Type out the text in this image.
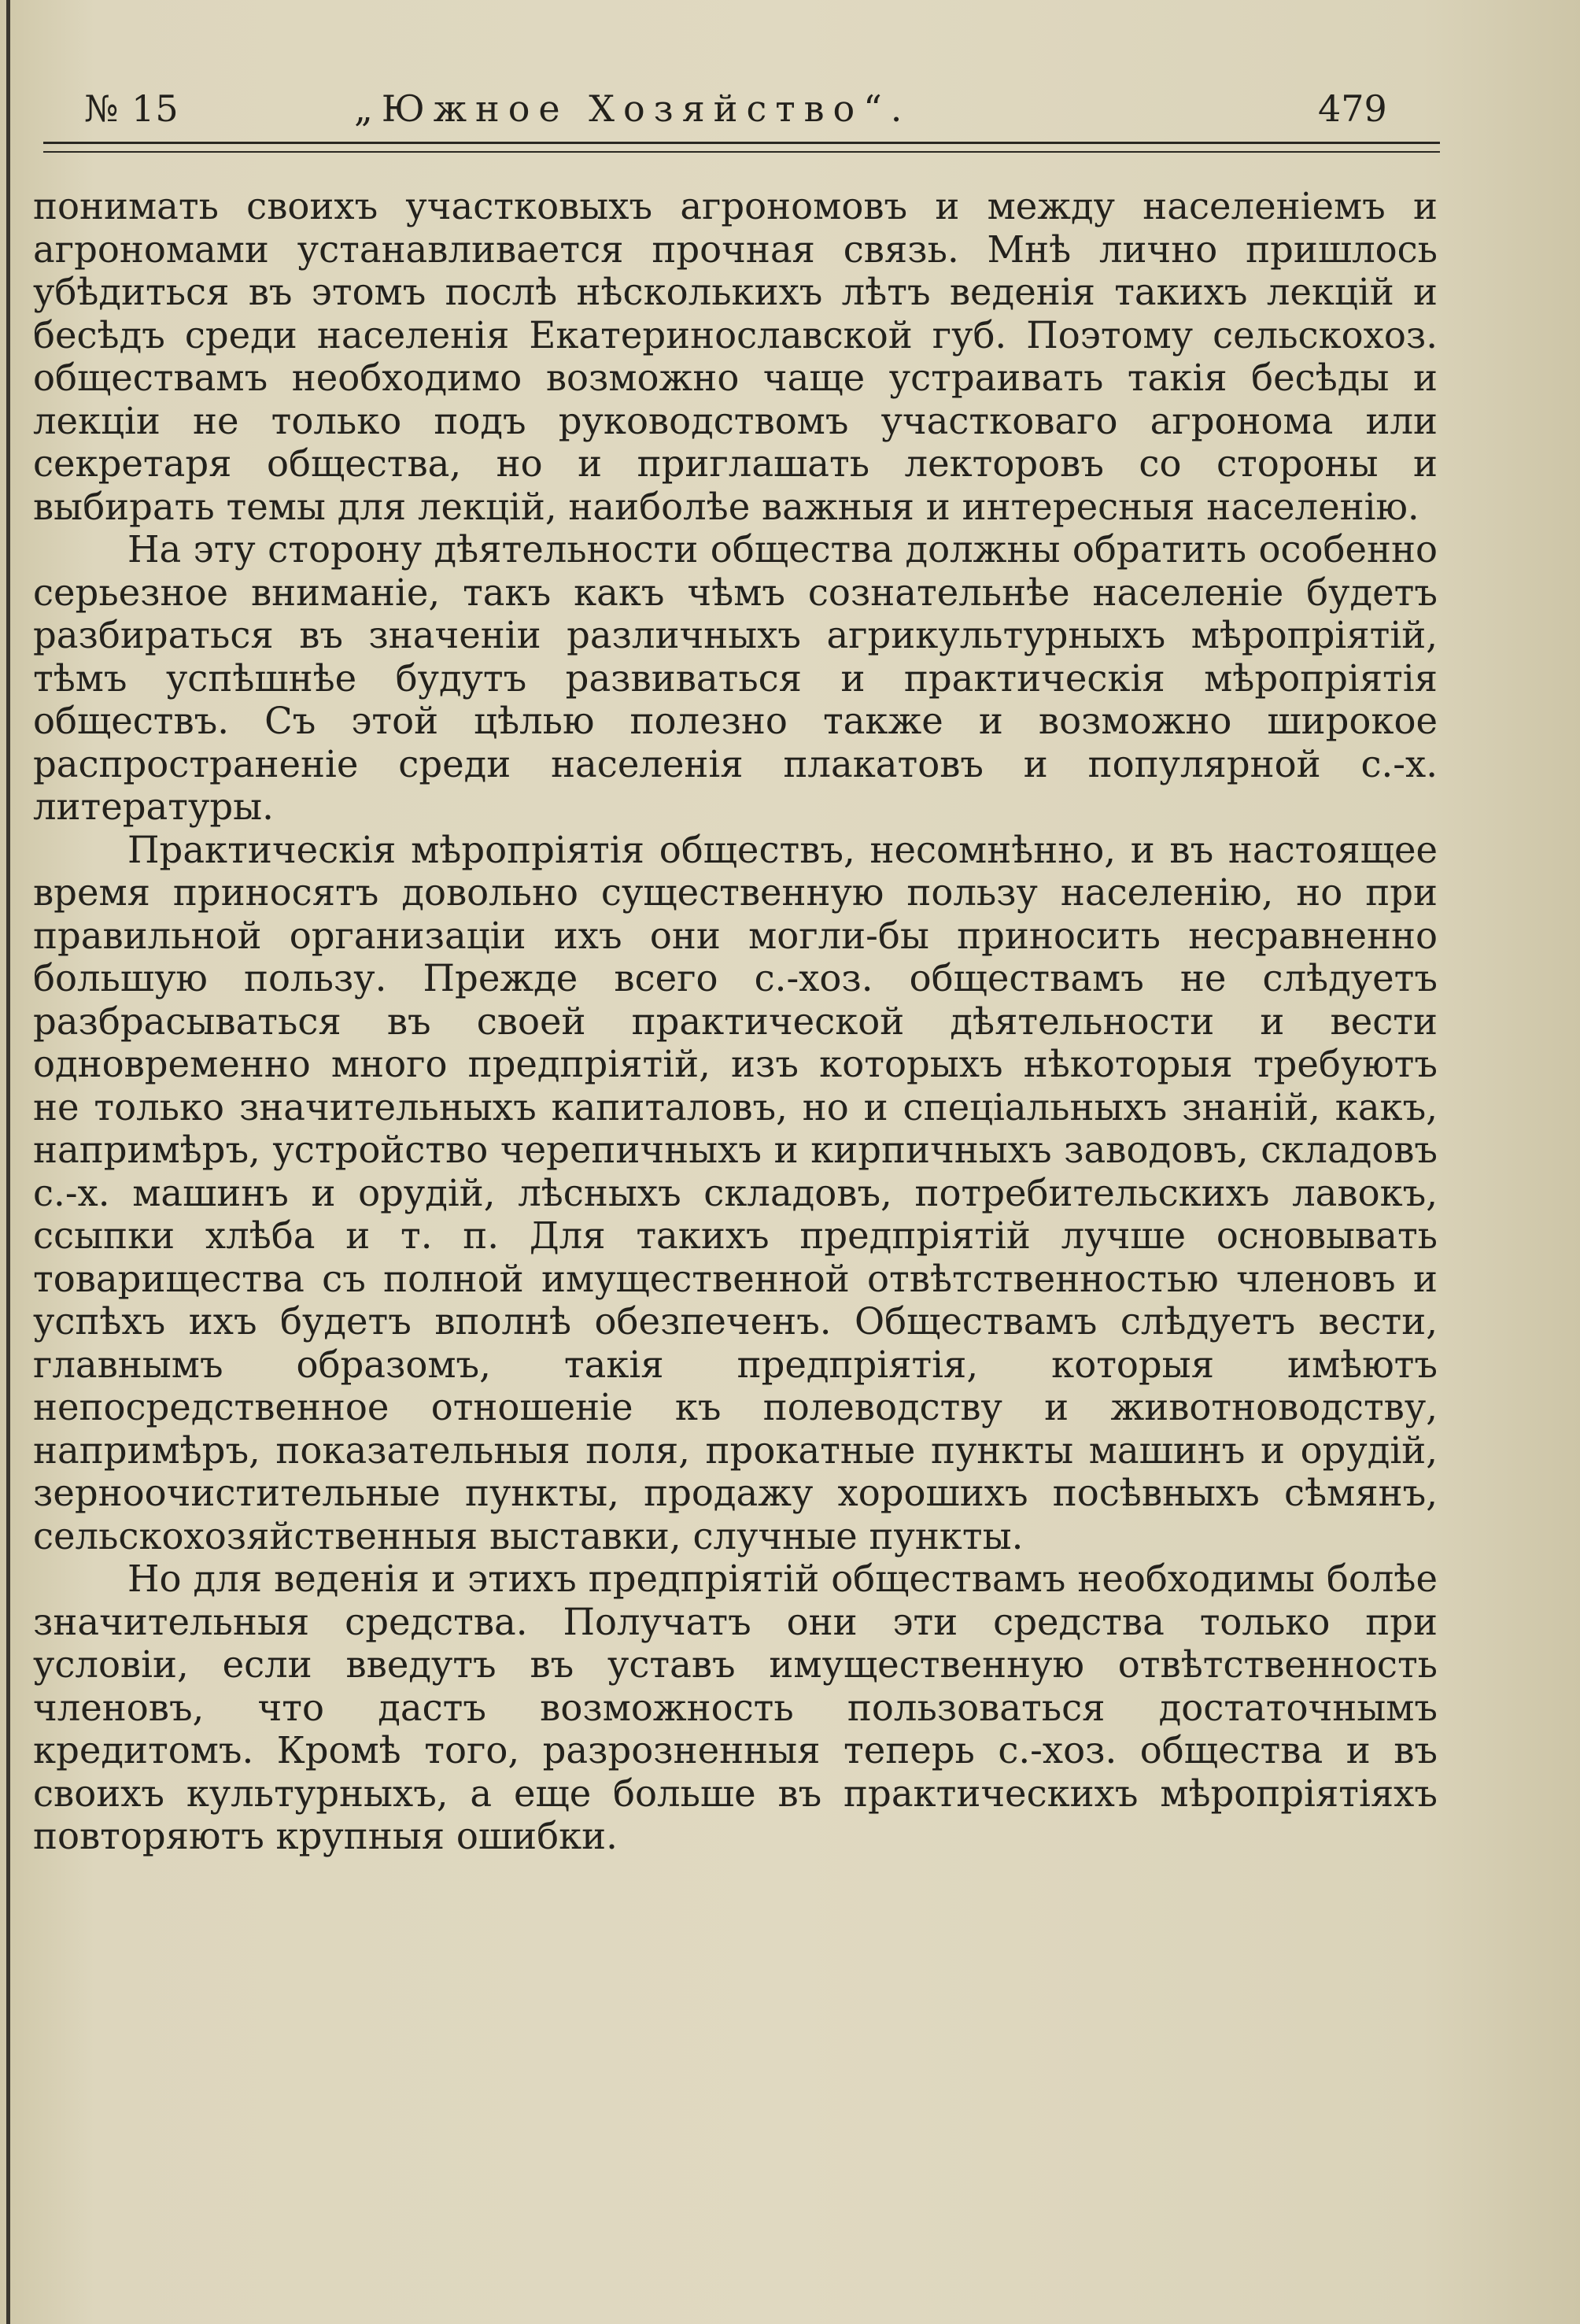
№ 15	„Южное Хозяйство“.	479

понимать своихъ участковыхъ агрономовъ и между населеніемъ и агрономами устанавливается прочная связь. Мнѣ лично пришлось убѣдиться въ этомъ послѣ нѣсколькихъ лѣтъ веденія такихъ лекцій и бесѣдъ среди населенія Екатеринославской губ. Поэтому сельскохоз. обществамъ необходимо возможно чаще устраивать такія бесѣды и лекціи не только подъ руководствомъ участковаго агронома или секретаря общества, но и приглашать лекторовъ со стороны и выбирать темы для лекцій, наиболѣе важныя и интересныя населенію.

На эту сторону дѣятельности общества должны обратить особенно серьезное вниманіе, такъ какъ чѣмъ сознательнѣе населеніе будетъ разбираться въ значеніи различныхъ агрикультурныхъ мѣропріятій, тѣмъ успѣшнѣе будутъ развиваться и практическія мѣропріятія обществъ. Съ этой цѣлью полезно также и возможно широкое распространеніе среди населенія плакатовъ и популярной с.-х. литературы.

Практическія мѣропріятія обществъ, несомнѣнно, и въ настоящее время приносятъ довольно существенную пользу населенію, но при правильной организаціи ихъ они могли-бы приносить несравненно большую пользу. Прежде всего с.-хоз. обществамъ не слѣдуетъ разбрасываться въ своей практической дѣятельности и вести одновременно много предпріятій, изъ которыхъ нѣкоторыя требуютъ не только значительныхъ капиталовъ, но и спеціальныхъ знаній, какъ, напримѣръ, устройство черепичныхъ и кирпичныхъ заводовъ, складовъ с.-х. машинъ и орудій, лѣсныхъ складовъ, потребительскихъ лавокъ, ссыпки хлѣба и т. п. Для такихъ предпріятій лучше основывать товарищества съ полной имущественной отвѣтственностью членовъ и успѣхъ ихъ будетъ вполнѣ обезпеченъ. Обществамъ слѣдуетъ вести, главнымъ образомъ, такія предпріятія, которыя имѣютъ непосредственное отношеніе къ полеводству и животноводству, напримѣръ, показательныя поля, прокатные пункты машинъ и орудій, зерноочистительные пункты, продажу хорошихъ посѣвныхъ сѣмянъ, сельскохозяйственныя выставки, случные пункты.

Но для веденія и этихъ предпріятій обществамъ необходимы болѣе значительныя средства. Получатъ они эти средства только при условіи, если введутъ въ уставъ имущественную отвѣтственность членовъ, что дастъ возможность пользоваться достаточнымъ кредитомъ. Кромѣ того, разрозненныя теперь с.-хоз. общества и въ своихъ культурныхъ, а еще больше въ практическихъ мѣропріятіяхъ повторяютъ крупныя ошибки.
